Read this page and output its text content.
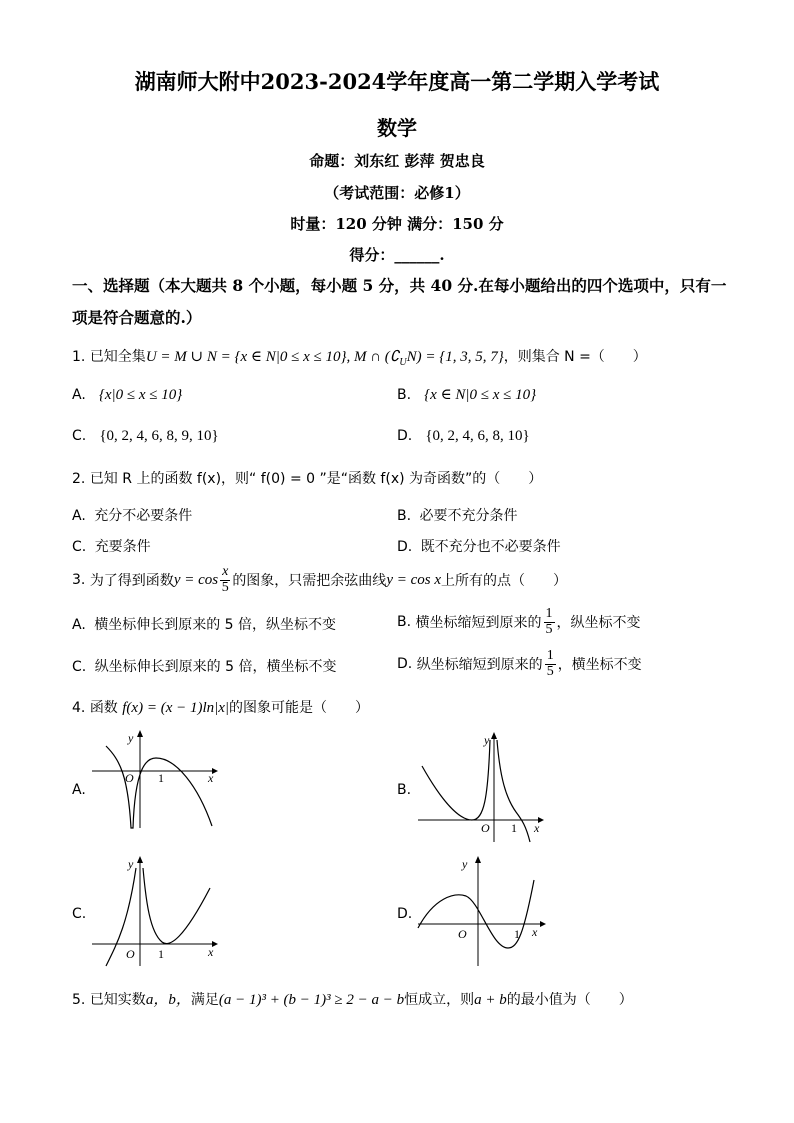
湖南师大附中2023-2024学年度高一第二学期入学考试
数学
命题：刘东红 彭萍 贺忠良
（考试范围：必修1）
时量：120 分钟 满分：150 分
得分：______.
一、选择题（本大题共 8 个小题，每小题 5 分，共 40 分.在每小题给出的四个选项中，只有一
项是符合题意的.）
1. 已知全集U = M ∪ N = {x ∈ N|0 ≤ x ≤ 10}, M ∩ $(∁_UN) = \{1$, 3, 5, 7}，则集合 N =（　　）
A. {x|0 ≤ x ≤ 10}	B. {x ∈ N|0 ≤ x ≤ 10}
C. {0, 2, 4, 6, 8, 9, 10}	D. {0, 2, 4, 6, 8, 10}
2. 已知 R 上的函数 f(x)，则“ f(0) = 0 ”是“函数 f(x) 为奇函数”的（　　）
A. 充分不必要条件	B. 必要不充分条件
C. 充要条件	D. 既不充分也不必要条件
3.
为了得到函数 $y = \cos \frac{x}{5}$ 的图象，只需把余弦曲线 y = cos x 上所有的点（　　）
A. 横坐标伸长到原来的 5 倍，纵坐标不变	B.
横坐标缩短到原来的 $\frac{1}{5}$ ，纵坐标不变
C. 纵坐标伸长到原来的 5 倍，横坐标不变	D.
纵坐标缩短到原来的 $\frac{1}{5}$ ，横坐标不变
4. 函数 f(x) = (x − 1)ln|x|的图象可能是（　　）
A.
y
x
O 1
B.
y
x
O 1
C.
y
x
O 1
D.
y
x
O	1
5. 已知实数a，b，满足(a − 1)³ + (b − 1)³ ≥ 2 − a − b恒成立，则a + b的最小值为（　　）
